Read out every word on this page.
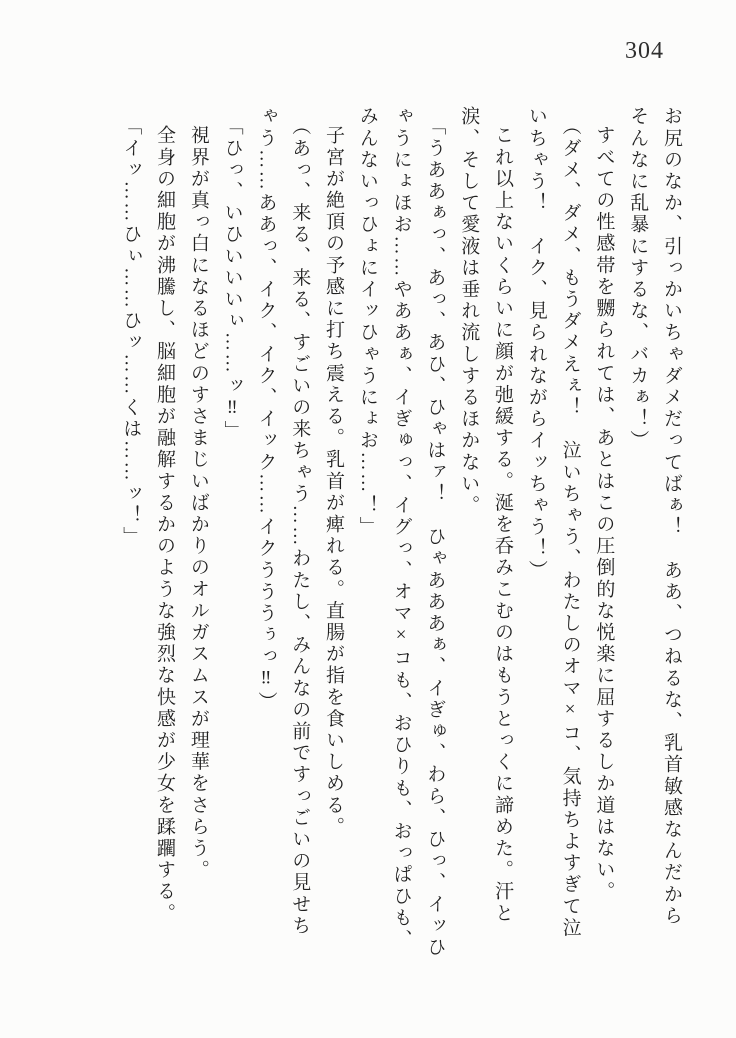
304
お尻のなか、引っかいちゃダメだってばぁ！　ああ、つねるな、乳首敏感なんだから
そんなに乱暴にするな、バカぁ！）
すべての性感帯を嬲られては、あとはこの圧倒的な悦楽に屈するしか道はない。
（ダメ、ダメ、もうダメえぇ！　泣いちゃう、わたしのオマ×コ、気持ちよすぎて泣
いちゃう！　イク、見られながらイッちゃう！）
これ以上ないくらいに顔が弛緩する。涎を呑みこむのはもうとっくに諦めた。汗と
涙、そして愛液は垂れ流しするほかない。
「うああぁっ、あっ、あひ、ひゃはァ！　ひゃあああぁ、イぎゅ、わら、ひっ、イッひ
ゃうにょほお……やああぁ、イぎゅっ、イグっ、オマ×コも、おひりも、おっぱひも、
みんないっひょにイッひゃうにょお……！」
子宮が絶頂の予感に打ち震える。乳首が痺れる。直腸が指を食いしめる。
（あっ、来る、来る、すごいの来ちゃう……わたし、みんなの前ですっごいの見せち
ゃう……ああっ、イク、イク、イック……イクうううぅっ‼）
「ひっ、いひいいいぃ……ッ‼」
視界が真っ白になるほどのすさまじいばかりのオルガスムスが理華をさらう。
全身の細胞が沸騰し、脳細胞が融解するかのような強烈な快感が少女を蹂躙する。
「イッ……ひぃ……ひッ……くは……ッ！」
